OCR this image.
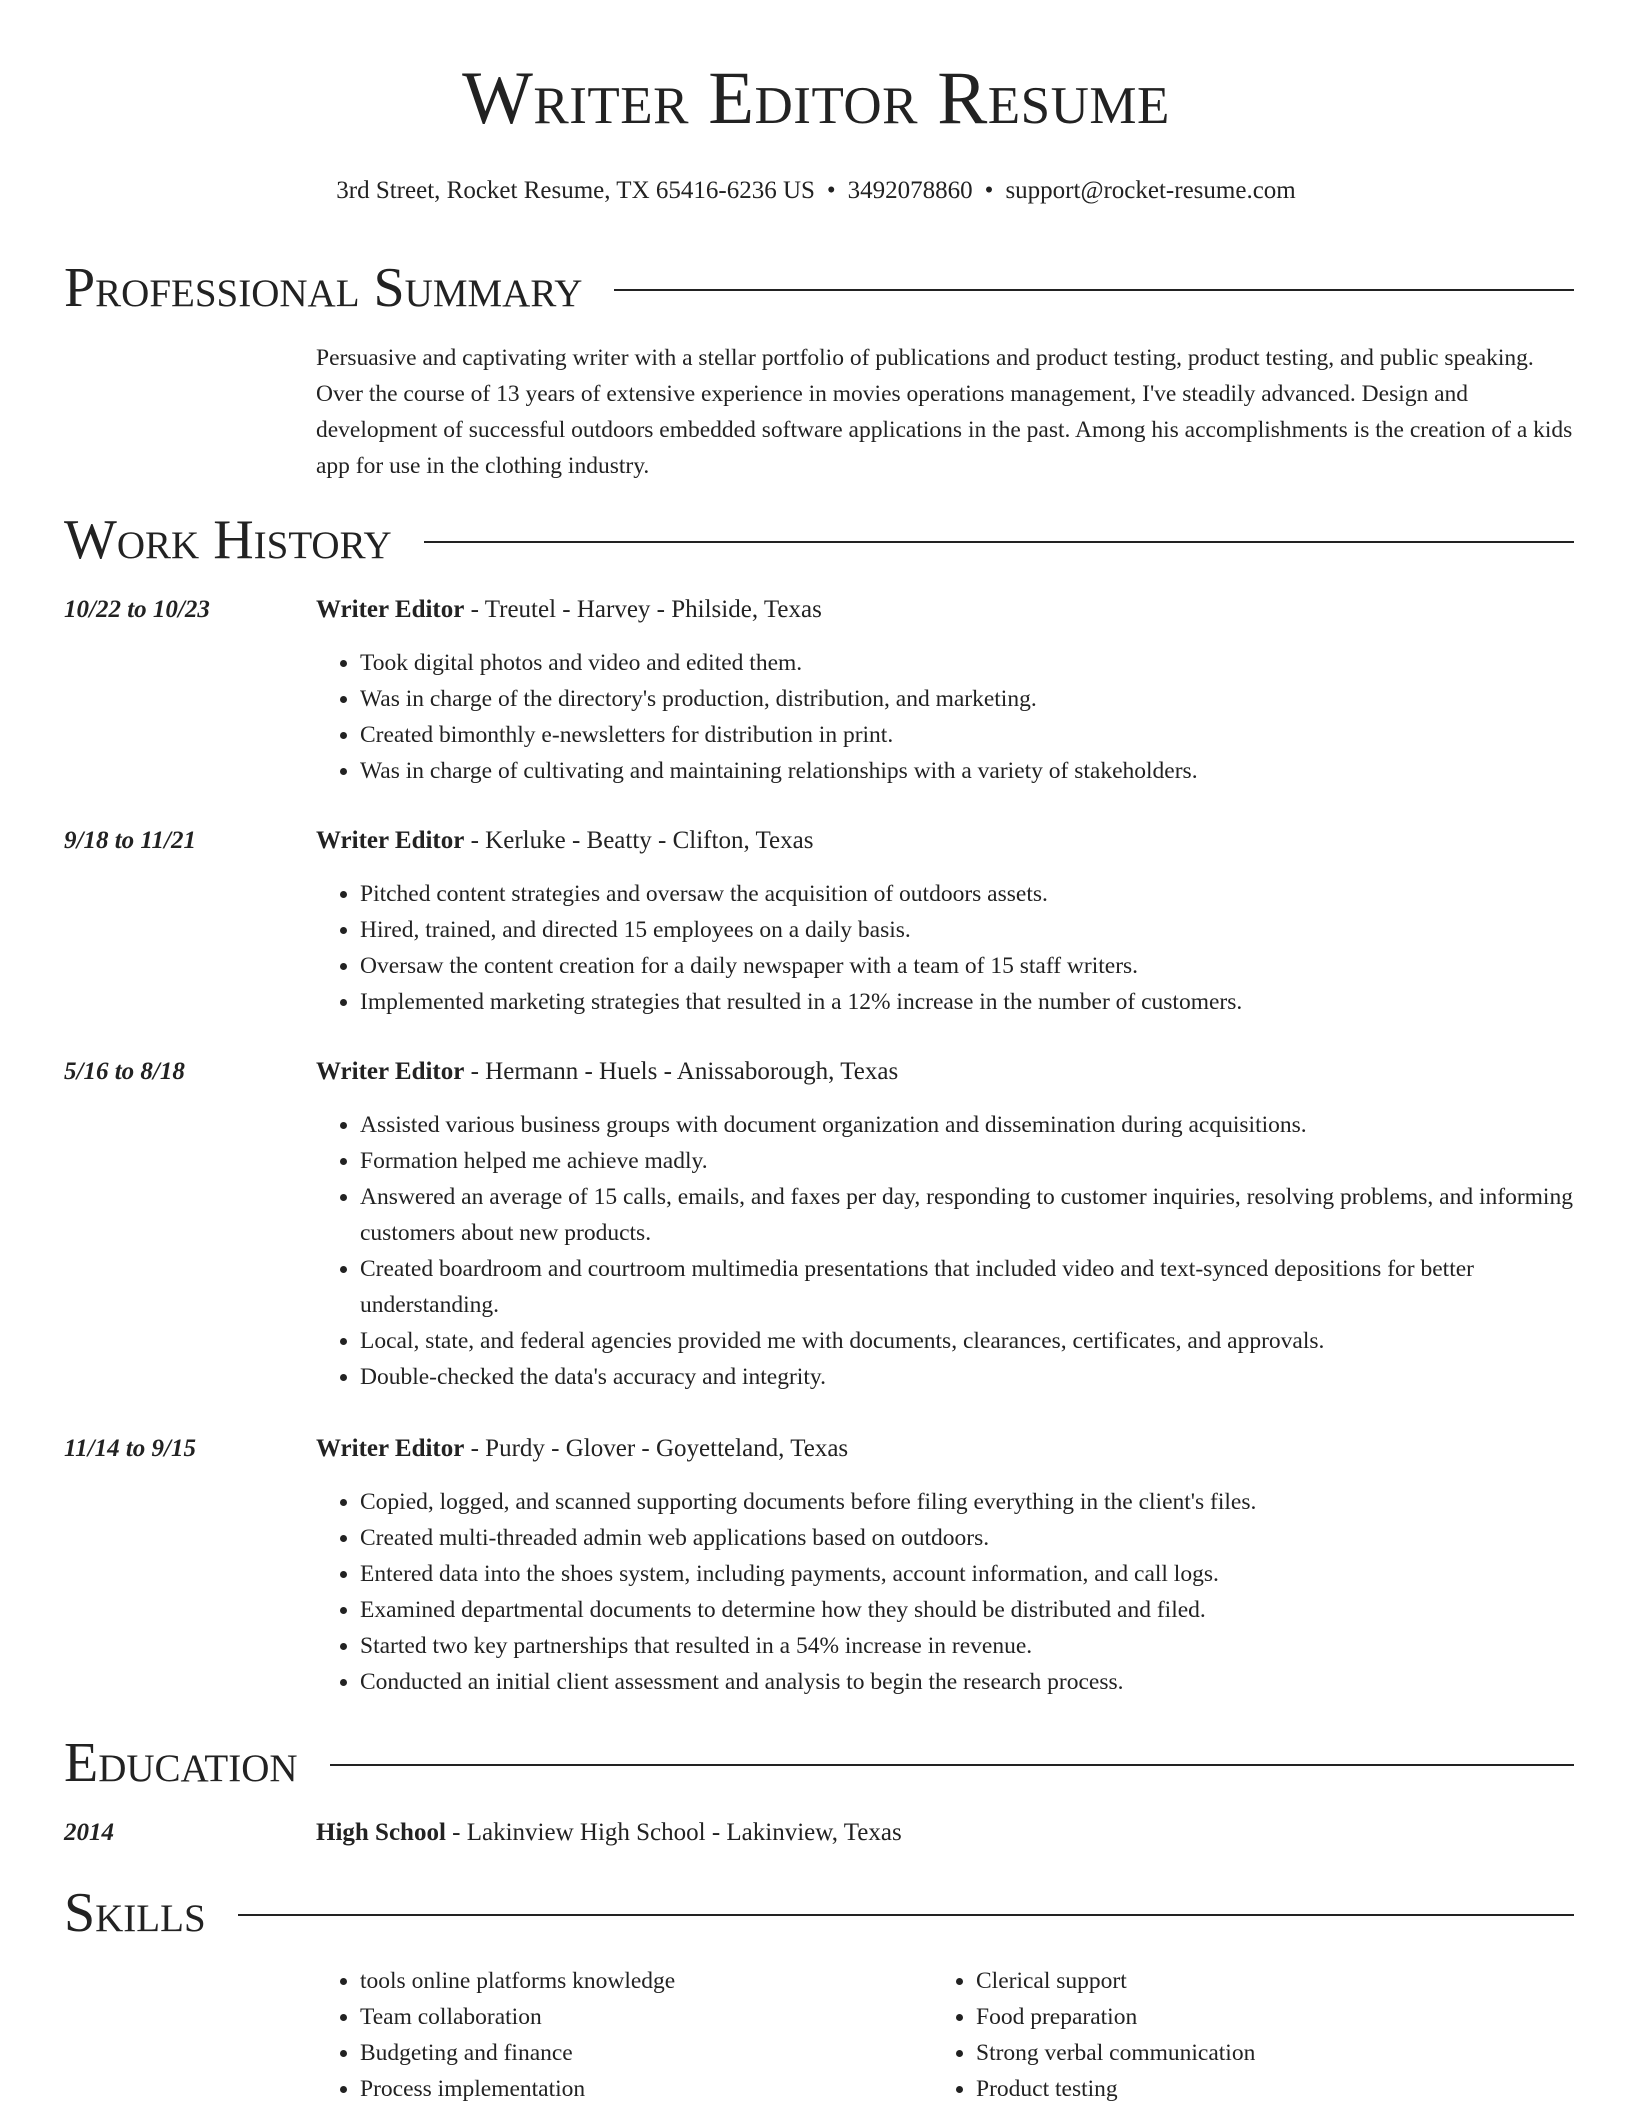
Writer Editor Resume
3rd Street, Rocket Resume, TX 65416-6236 US • 3492078860 • support@rocket-resume.com
Professional Summary

Persuasive and captivating writer with a stellar portfolio of publications and product testing, product testing, and public speaking. Over the course of 13 years of extensive experience in movies operations management, I've steadily advanced. Design and development of successful outdoors embedded software applications in the past. Among his accomplishments is the creation of a kids app for use in the clothing industry.

Work History
10/22 to 10/23	Writer Editor - Treutel - Harvey - Philside, Texas
• Took digital photos and video and edited them.
• Was in charge of the directory's production, distribution, and marketing.
• Created bimonthly e-newsletters for distribution in print.
• Was in charge of cultivating and maintaining relationships with a variety of stakeholders.
9/18 to 11/21	Writer Editor - Kerluke - Beatty - Clifton, Texas
• Pitched content strategies and oversaw the acquisition of outdoors assets.
• Hired, trained, and directed 15 employees on a daily basis.
• Oversaw the content creation for a daily newspaper with a team of 15 staff writers.
• Implemented marketing strategies that resulted in a 12% increase in the number of customers.
5/16 to 8/18	Writer Editor - Hermann - Huels - Anissaborough, Texas
• Assisted various business groups with document organization and dissemination during acquisitions.
• Formation helped me achieve madly.
• Answered an average of 15 calls, emails, and faxes per day, responding to customer inquiries, resolving problems, and informing customers about new products.
• Created boardroom and courtroom multimedia presentations that included video and text-synced depositions for better understanding.
• Local, state, and federal agencies provided me with documents, clearances, certificates, and approvals.
• Double-checked the data's accuracy and integrity.
11/14 to 9/15	Writer Editor - Purdy - Glover - Goyetteland, Texas
• Copied, logged, and scanned supporting documents before filing everything in the client's files.
• Created multi-threaded admin web applications based on outdoors.
• Entered data into the shoes system, including payments, account information, and call logs.
• Examined departmental documents to determine how they should be distributed and filed.
• Started two key partnerships that resulted in a 54% increase in revenue.
• Conducted an initial client assessment and analysis to begin the research process.
Education
2014	High School - Lakinview High School - Lakinview, Texas
Skills
• tools online platforms knowledge
• Team collaboration
• Budgeting and finance
• Process implementation
• Clerical support
• Food preparation
• Strong verbal communication
• Product testing
